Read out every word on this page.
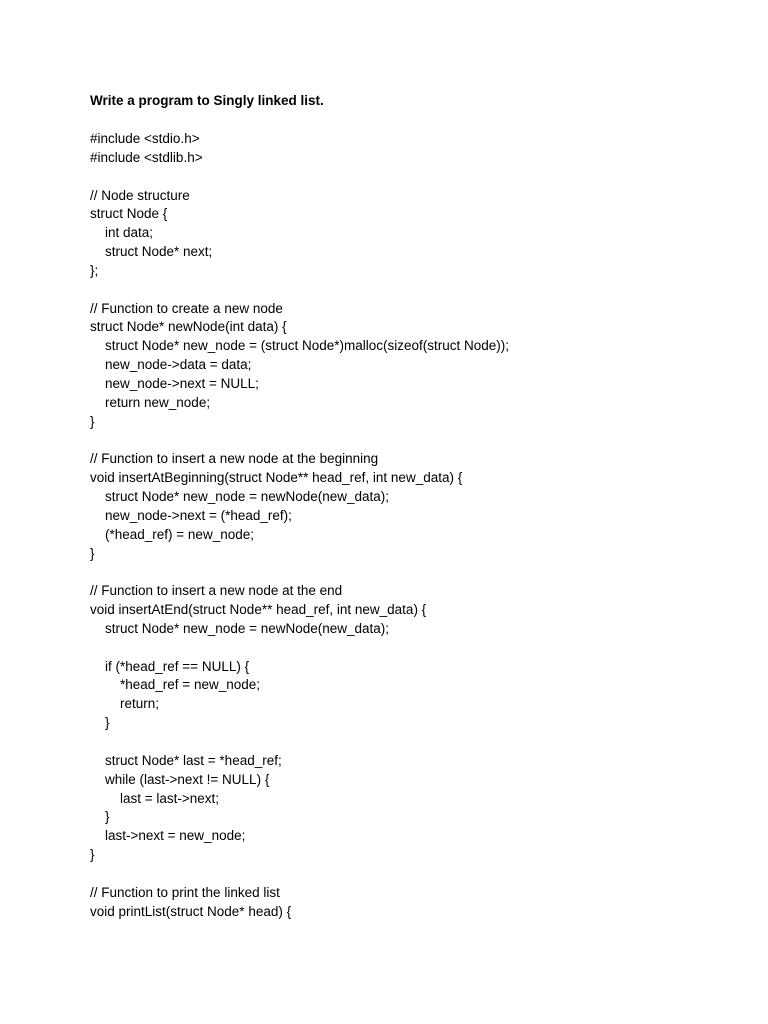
Write a program to Singly linked list.
#include <stdio.h>
#include <stdlib.h>
// Node structure
struct Node {
int data;
struct Node* next;
};
// Function to create a new node
struct Node* newNode(int data) {
struct Node* new_node = (struct Node*)malloc(sizeof(struct Node));
new_node->data = data;
new_node->next = NULL;
return new_node;
}
// Function to insert a new node at the beginning
void insertAtBeginning(struct Node** head_ref, int new_data) {
struct Node* new_node = newNode(new_data);
new_node->next = (*head_ref);
(*head_ref) = new_node;
}
// Function to insert a new node at the end
void insertAtEnd(struct Node** head_ref, int new_data) {
struct Node* new_node = newNode(new_data);
if (*head_ref == NULL) {
*head_ref = new_node;
return;
}
struct Node* last = *head_ref;
while (last->next != NULL) {
last = last->next;
}
last->next = new_node;
}
// Function to print the linked list
void printList(struct Node* head) {
